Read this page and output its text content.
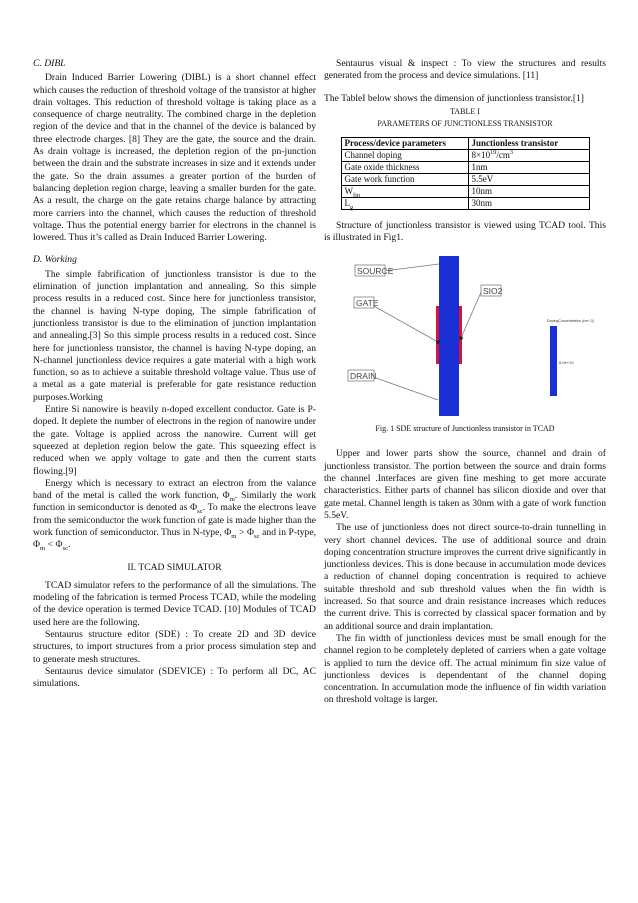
C. DIBL

Drain Induced Barrier Lowering (DIBL) is a short channel effect which causes the reduction of threshold voltage of the transistor at higher drain voltages. This reduction of threshold voltage is taking place as a consequence of charge neutrality. The combined charge in the depletion region of the device and that in the channel of the device is balanced by three electrode charges. [8] They are the gate, the source and the drain. As drain voltage is increased, the depletion region of the pn-junction between the drain and the substrate increases in size and it extends under the gate. So the drain assumes a greater portion of the burden of balancing depletion region charge, leaving a smaller burden for the gate. As a result, the charge on the gate retains charge balance by attracting more carriers into the channel, which causes the reduction of threshold voltage. Thus the potential energy barrier for electrons in the channel is lowered. Thus it’s called as Drain Induced Barrier Lowering.

D. Working

The simple fabrification of junctionless transistor is due to the elimination of junction implantation and annealing. So this simple process results in a reduced cost. Since here for junctionless transistor, the channel is having N-type doping, The simple fabrification of junctionless transistor is due to the elimination of junction implantation and annealing.[3] So this simple process results in a reduced cost. Since here for junctionless transistor, the channel is having N-type doping, an N-channel junctionless device requires a gate material with a high work function, so as to achieve a suitable threshold voltage value. Thus use of a metal as a gate material is preferable for gate resistance reduction purposes.Working

Entire Si nanowire is heavily n-doped excellent conductor. Gate is P-doped. It deplete the number of electrons in the region of nanowire under the gate. Voltage is applied across the nanowire. Current will get squeezed at depletion region below the gate. This squeezing effect is reduced when we apply voltage to gate and then the current starts flowing.[9]

Energy which is necessary to extract an electron from the valance band of the metal is called the work function, $\Phi_m$. Similarly the work function in semiconductor is denoted as $\Phi_{sc}$. To make the electrons leave from the semiconductor the work function of gate is made higher than the work function of semiconductor. Thus in N-type, $\Phi_m > \Phi_{sc}$ and in P-type, $\Phi_m < \Phi_{sc}$.

II. TCAD SIMULATOR

TCAD simulator refers to the performance of all the simulations. The modeling of the fabrication is termed Process TCAD, while the modeling of the device operation is termed Device TCAD. [10] Modules of TCAD used here are the following.

Sentaurus structure editor (SDE) : To create 2D and 3D device structures, to import structures from a prior process simulation step and to generate mesh structures.

Sentaurus device simulator (SDEVICE) : To perform all DC, AC simulations.

Sentaurus visual & inspect : To view the structures and results generated from the process and device simulations. [11]

The TableI below shows the dimension of junctionless transistor.[1]

TABLE I
PARAMETERS OF JUNCTIONLESS TRANSISTOR
Process/device parameters	Junctionless transistor
Channel doping	$8\times 10^{19}/cm^3$
Gate oxide thickness	1nm
Gate work function	5.5eV
$W_{fin}$	10nm
$L_g$	30nm

Structure of junctionless transistor is viewed using TCAD tool. This is illustrated in Fig1.

SOURCE
GATE
DRAIN
SIO2
DopingConcentration (cm^-3)
8.0e+19
Fig. 1 SDE structure of Junctionless transistor in TCAD

Upper and lower parts show the source, channel and drain of junctionless transistor. The portion between the source and drain forms the channel .Interfaces are given fine meshing to get more accurate characteristics. Either parts of channel has silicon dioxide and over that gate metal. Channel length is taken as 30nm with a gate of work function 5.5eV.

The use of junctionless does not direct source-to-drain tunnelling in very short channel devices. The use of additional source and drain doping concentration structure improves the current drive significantly in junctionless devices. This is done because in accumulation mode devices a reduction of channel doping concentration is required to achieve suitable threshold and sub threshold values when the fin width is increased. So that source and drain resistance increases which reduces the current drive. This is corrected by classical spacer formation and by an additional source and drain implantation.

The fin width of junctionless devices must be small enough for the channel region to be completely depleted of carriers when a gate voltage is applied to turn the device off. The actual minimum fin size value of junctionless devices is dependentant of the channel doping concentration. In accumulation mode the influence of fin width variation on threshold voltage is larger.
